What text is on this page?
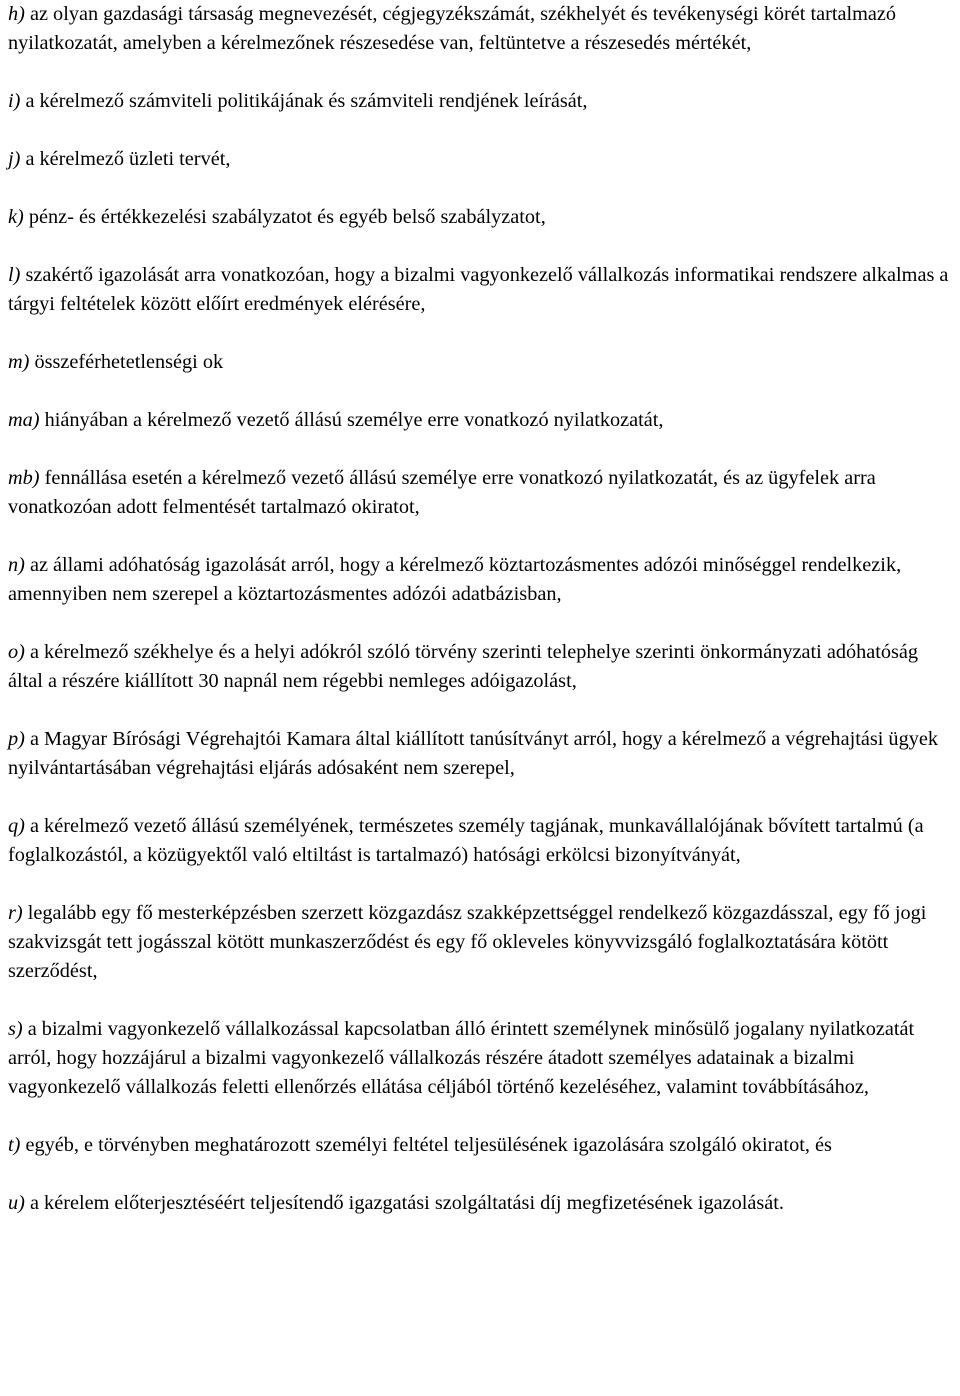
h) az olyan gazdasági társaság megnevezését, cégjegyzékszámát, székhelyét és tevékenységi körét tartalmazó nyilatkozatát, amelyben a kérelmezőnek részesedése van, feltüntetve a részesedés mértékét,

i) a kérelmező számviteli politikájának és számviteli rendjének leírását,

j) a kérelmező üzleti tervét,

k) pénz- és értékkezelési szabályzatot és egyéb belső szabályzatot,

l) szakértő igazolását arra vonatkozóan, hogy a bizalmi vagyonkezelő vállalkozás informatikai rendszere alkalmas a tárgyi feltételek között előírt eredmények elérésére,

m) összeférhetetlenségi ok

ma) hiányában a kérelmező vezető állású személye erre vonatkozó nyilatkozatát,

mb) fennállása esetén a kérelmező vezető állású személye erre vonatkozó nyilatkozatát, és az ügyfelek arra vonatkozóan adott felmentését tartalmazó okiratot,

n) az állami adóhatóság igazolását arról, hogy a kérelmező köztartozásmentes adózói minőséggel rendelkezik, amennyiben nem szerepel a köztartozásmentes adózói adatbázisban,

o) a kérelmező székhelye és a helyi adókról szóló törvény szerinti telephelye szerinti önkormányzati adóhatóság által a részére kiállított 30 napnál nem régebbi nemleges adóigazolást,

p) a Magyar Bírósági Végrehajtói Kamara által kiállított tanúsítványt arról, hogy a kérelmező a végrehajtási ügyek nyilvántartásában végrehajtási eljárás adósaként nem szerepel,

q) a kérelmező vezető állású személyének, természetes személy tagjának, munkavállalójának bővített tartalmú (a foglalkozástól, a közügyektől való eltiltást is tartalmazó) hatósági erkölcsi bizonyítványát,

r) legalább egy fő mesterképzésben szerzett közgazdász szakképzettséggel rendelkező közgazdásszal, egy fő jogi szakvizsgát tett jogásszal kötött munkaszerződést és egy fő okleveles könyvvizsgáló foglalkoztatására kötött szerződést,

s) a bizalmi vagyonkezelő vállalkozással kapcsolatban álló érintett személynek minősülő jogalany nyilatkozatát arról, hogy hozzájárul a bizalmi vagyonkezelő vállalkozás részére átadott személyes adatainak a bizalmi vagyonkezelő vállalkozás feletti ellenőrzés ellátása céljából történő kezeléséhez, valamint továbbításához,

t) egyéb, e törvényben meghatározott személyi feltétel teljesülésének igazolására szolgáló okiratot, és

u) a kérelem előterjesztéséért teljesítendő igazgatási szolgáltatási díj megfizetésének igazolását.
